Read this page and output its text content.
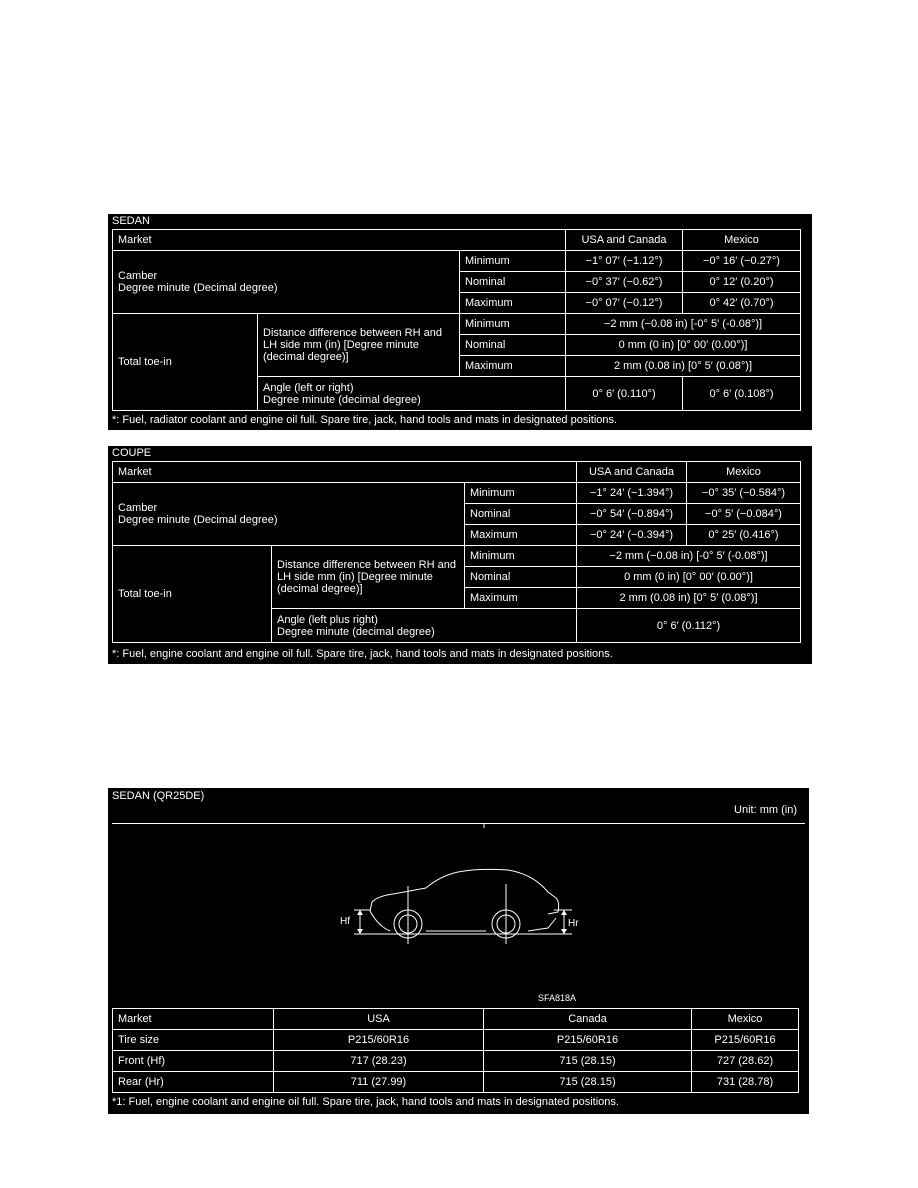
SEDAN
Market			USA and Canada	Mexico

Camber
Degree minute (Decimal degree)		Minimum	−1° 07′ (−1.12°)	−0° 16′ (−0.27°)
		Nominal	−0° 37′ (−0.62°)	0° 12′ (0.20°)
		Maximum	−0° 07′ (−0.12°)	0° 42′ (0.70°)
Total toe-in	Distance difference between RH and LH side mm (in) [Degree minute (decimal degree)]	Minimum	−2 mm (−0.08 in) [-0° 5′ (-0.08°)]	
		Nominal	0 mm (0 in) [0° 00′ (0.00°)]	
		Maximum	2 mm (0.08 in) [0° 5′ (0.08°)]	

	Angle (left or right)
Degree minute (decimal degree)		0° 6′ (0.110°)	0° 6′ (0.108°)
*: Fuel, radiator coolant and engine oil full. Spare tire, jack, hand tools and mats in designated positions.
COUPE
Market			USA and Canada	Mexico

Camber
Degree minute (Decimal degree)		Minimum	−1° 24′ (−1.394°)	−0° 35′ (−0.584°)
		Nominal	−0° 54′ (−0.894°)	−0° 5′ (−0.084°)
		Maximum	−0° 24′ (−0.394°)	0° 25′ (0.416°)
Total toe-in	Distance difference between RH and LH side mm (in) [Degree minute (decimal degree)]	Minimum	−2 mm (−0.08 in) [-0° 5′ (-0.08°)]	
		Nominal	0 mm (0 in) [0° 00′ (0.00°)]	
		Maximum	2 mm (0.08 in) [0° 5′ (0.08°)]	

	Angle (left plus right)
Degree minute (decimal degree)		0° 6′ (0.112°)	
*: Fuel, engine coolant and engine oil full. Spare tire, jack, hand tools and mats in designated positions.
SEDAN (QR25DE)
Unit: mm (in)
Hf	Hr
SFA818A
Market	USA	Canada	Mexico
Tire size	P215/60R16	P215/60R16	P215/60R16
Front (Hf)	717 (28.23)	715 (28.15)	727 (28.62)
Rear (Hr)	711 (27.99)	715 (28.15)	731 (28.78)
*1: Fuel, engine coolant and engine oil full. Spare tire, jack, hand tools and mats in designated positions.
